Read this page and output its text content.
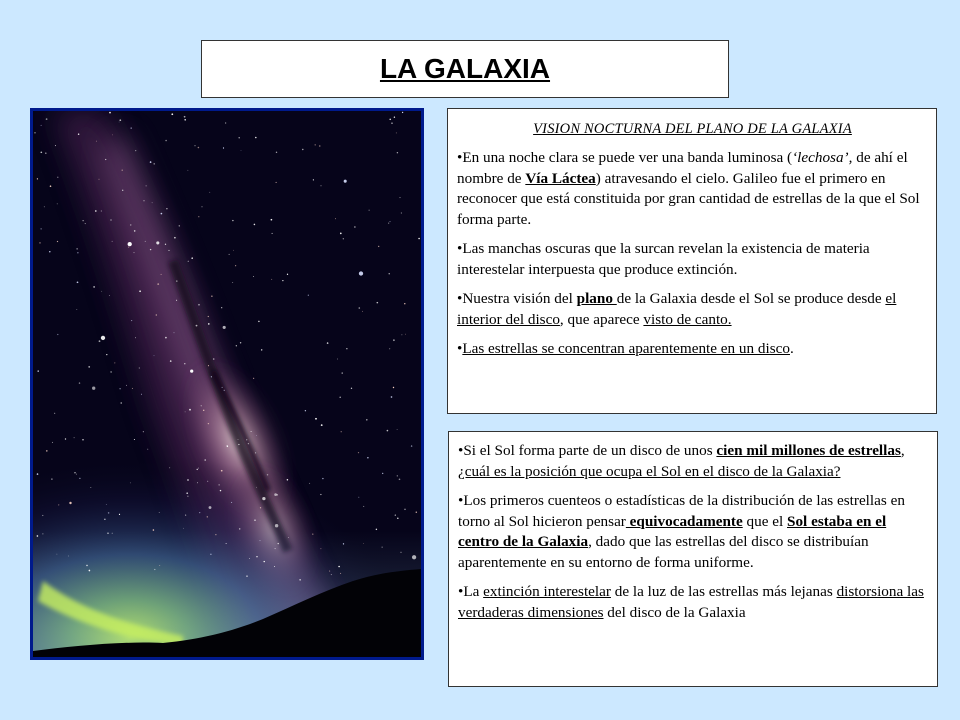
LA GALAXIA

VISION NOCTURNA DEL PLANO DE LA GALAXIA

•En una noche clara se puede ver una banda luminosa (‘lechosa’, de ahí el nombre de Vía Láctea) atravesando el cielo. Galileo fue el primero en reconocer que está constituida por gran cantidad de estrellas de la que el Sol forma parte.

•Las manchas oscuras que la surcan revelan la existencia de materia interestelar interpuesta que produce extinción.

•Nuestra visión del plano de la Galaxia desde el Sol se produce desde el interior del disco, que aparece visto de canto.

•Las estrellas se concentran aparentemente en un disco.

•Si el Sol forma parte de un disco de unos cien mil millones de estrellas, ¿cuál es la posición que ocupa el Sol en el disco de la Galaxia?

•Los primeros cuenteos o estadísticas de la distribución de las estrellas en torno al Sol hicieron pensar equivocadamente que el Sol estaba en el centro de la Galaxia, dado que las estrellas del disco se distribuían aparentemente en su entorno de forma uniforme.

•La extinción interestelar de la luz de las estrellas más lejanas distorsiona las verdaderas dimensiones del disco de la Galaxia
